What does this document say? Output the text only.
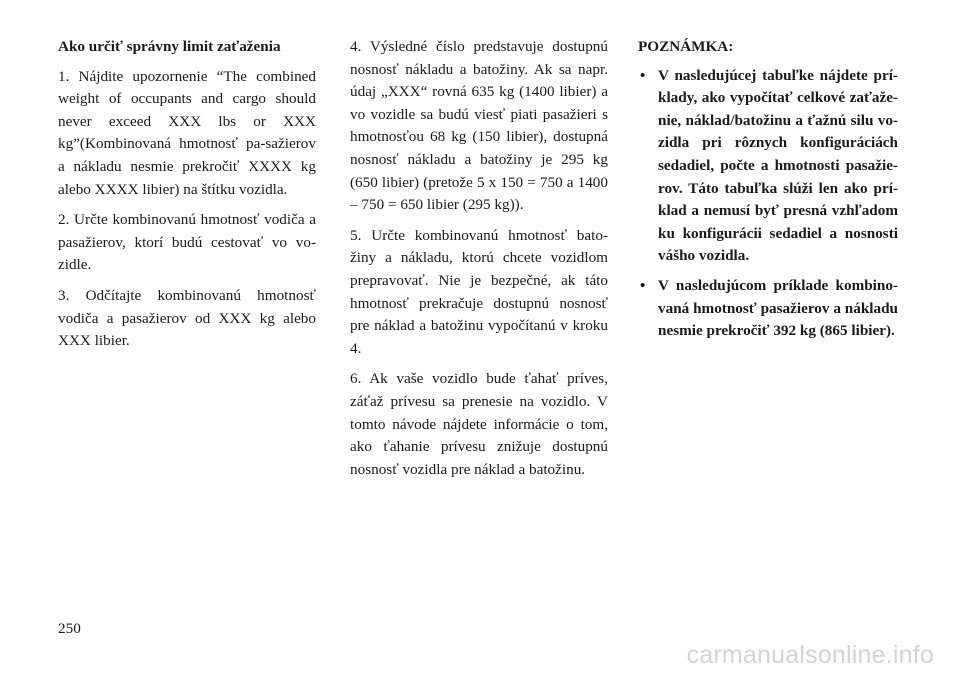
Ako určiť správny limit zaťaženia

1. Nájdite upozornenie “The combined weight of occupants and cargo should never exceed XXX lbs or XXX kg”(Kombinovaná hmotnosť pa-sažierov a nákladu nesmie prekročiť XXXX kg alebo XXXX libier) na štítku vozidla.

2. Určte kombinovanú hmotnosť vodiča a pasažierov, ktorí budú cestovať vo vo-zidle.

3. Odčítajte kombinovanú hmotnosť vodiča a pasažierov od XXX kg alebo XXX libier.

4. Výsledné číslo predstavuje dostupnú nosnosť nákladu a batožiny. Ak sa napr. údaj „XXX“ rovná 635 kg (1400 libier) a vo vozidle sa budú viesť piati pasažieri s hmotnosťou 68 kg (150 libier), dostupná nosnosť nákladu a batožiny je 295 kg (650 libier) (pretože 5 x 150 = 750 a 1400 – 750 = 650 libier (295 kg)).

5. Určte kombinovanú hmotnosť bato-žiny a nákladu, ktorú chcete vozidlom prepravovať. Nie je bezpečné, ak táto hmotnosť prekračuje dostupnú nosnosť pre náklad a batožinu vypočítanú v kroku 4.

6. Ak vaše vozidlo bude ťahať príves, záťaž prívesu sa prenesie na vozidlo. V tomto návode nájdete informácie o tom, ako ťahanie prívesu znižuje dostupnú nosnosť vozidla pre náklad a batožinu.

POZNÁMKA:

• V nasledujúcej tabuľke nájdete prí-klady, ako vypočítať celkové zaťaže-nie, náklad/batožinu a ťažnú silu vo-zidla pri rôznych konfiguráciách sedadiel, počte a hmotnosti pasažie-rov. Táto tabuľka slúži len ako prí-klad a nemusí byť presná vzhľadom ku konfigurácii sedadiel a nosnosti vášho vozidla.
• V nasledujúcom príklade kombino-vaná hmotnosť pasažierov a nákladu nesmie prekročiť 392 kg (865 libier).
250
carmanualsonline.info
